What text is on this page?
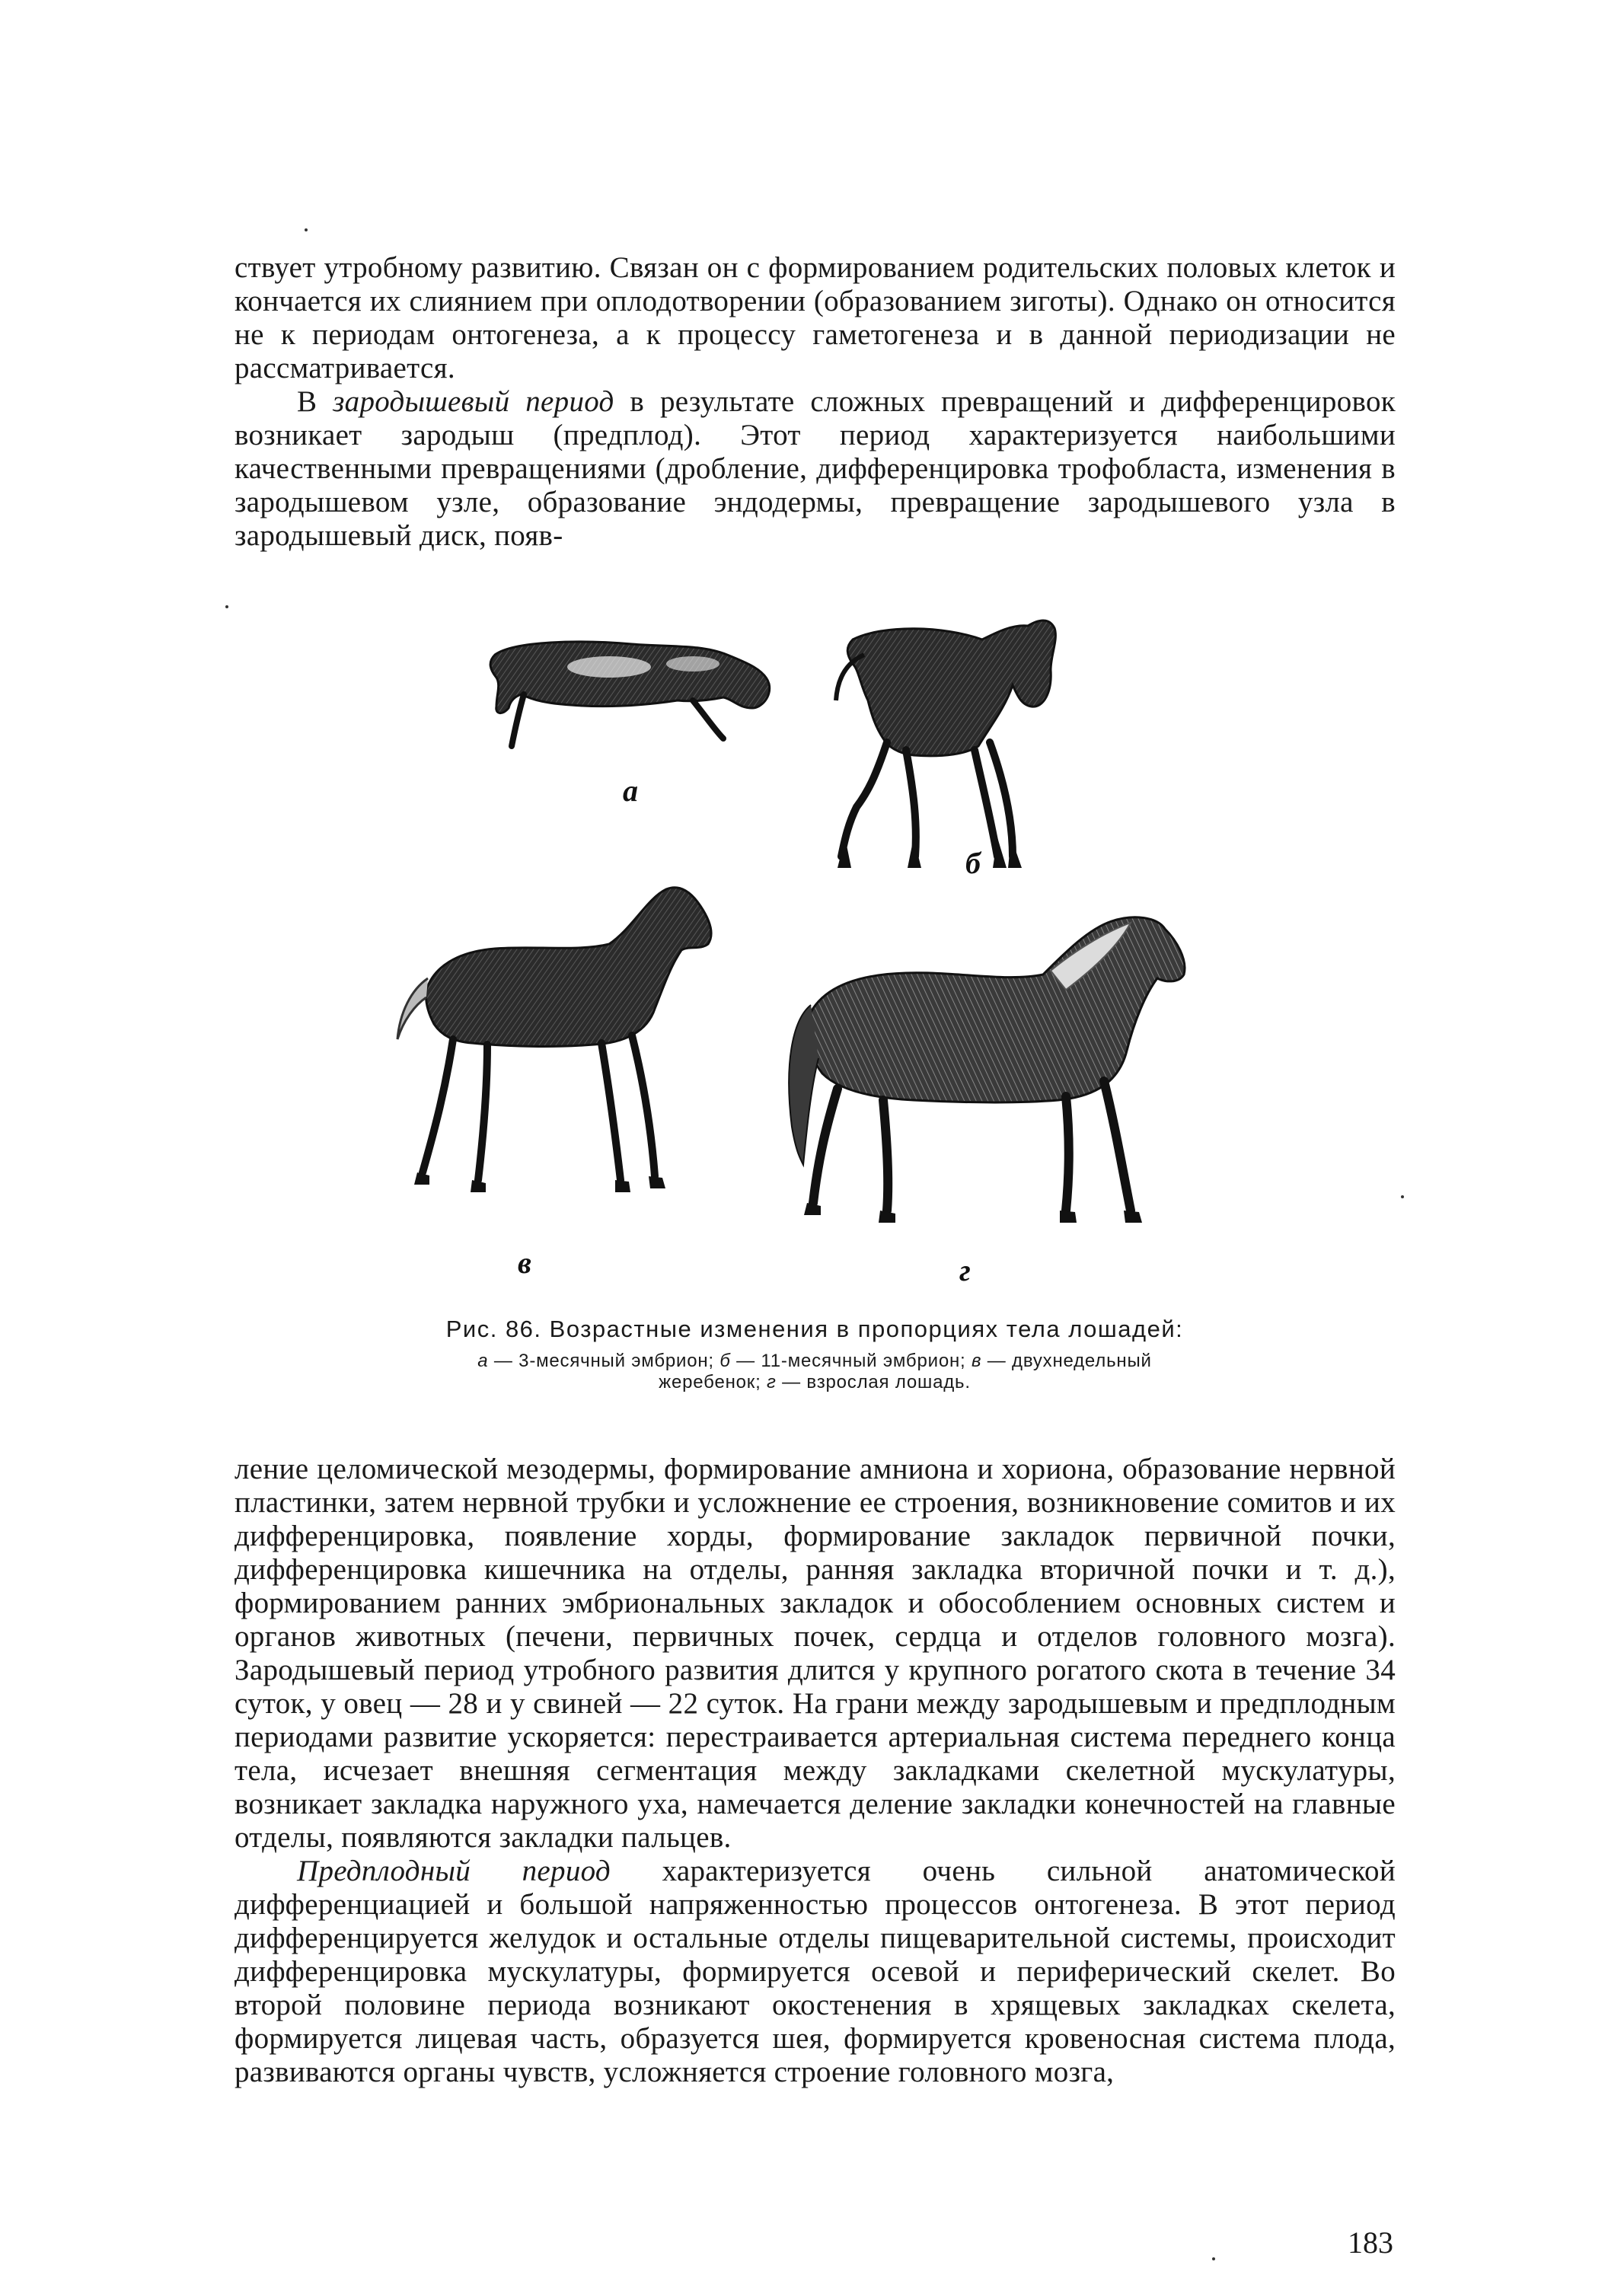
ствует утробному развитию. Связан он с формированием родительских половых клеток и кончается их слиянием при оплодотворении (образованием зиготы). Однако он относится не к периодам онтогенеза, а к процессу гаметогенеза и в данной периодизации не рассматривается.

В зародышевый период в результате сложных превращений и дифференцировок возникает зародыш (предплод). Этот период характеризуется наибольшими качественными превращениями (дробление, дифференцировка трофобласта, изменения в зародышевом узле, образование эндодермы, превращение зародышевого узла в зародышевый диск, появ-

а
б
в	г
Рис. 86. Возрастные изменения в пропорциях тела лошадей:
а — 3-месячный эмбрион; б — 11-месячный эмбрион; в — двухнедельный
жеребенок; г — взрослая лошадь.

ление целомической мезодермы, формирование амниона и хориона, образование нервной пластинки, затем нервной трубки и усложнение ее строения, возникновение сомитов и их дифференцировка, появление хорды, формирование закладок первичной почки, дифференцировка кишечника на отделы, ранняя закладка вторичной почки и т. д.), формированием ранних эмбриональных закладок и обособлением основных систем и органов животных (печени, первичных почек, сердца и отделов головного мозга). Зародышевый период утробного развития длится у крупного рогатого скота в течение 34 суток, у овец — 28 и у свиней — 22 суток. На грани между зародышевым и предплодным периодами развитие ускоряется: перестраивается артериальная система переднего конца тела, исчезает внешняя сегментация между закладками скелетной мускулатуры, возникает закладка наружного уха, намечается деление закладки конечностей на главные отделы, появляются закладки пальцев.

Предплодный период характеризуется очень сильной анатомической дифференциацией и большой напряженностью процессов онтогенеза. В этот период дифференцируется желудок и остальные отделы пищеварительной системы, происходит дифференцировка мускулатуры, формируется осевой и периферический скелет. Во второй половине периода возникают окостенения в хрящевых закладках скелета, формируется лицевая часть, образуется шея, формируется кровеносная система плода, развиваются органы чувств, усложняется строение головного мозга,

183
